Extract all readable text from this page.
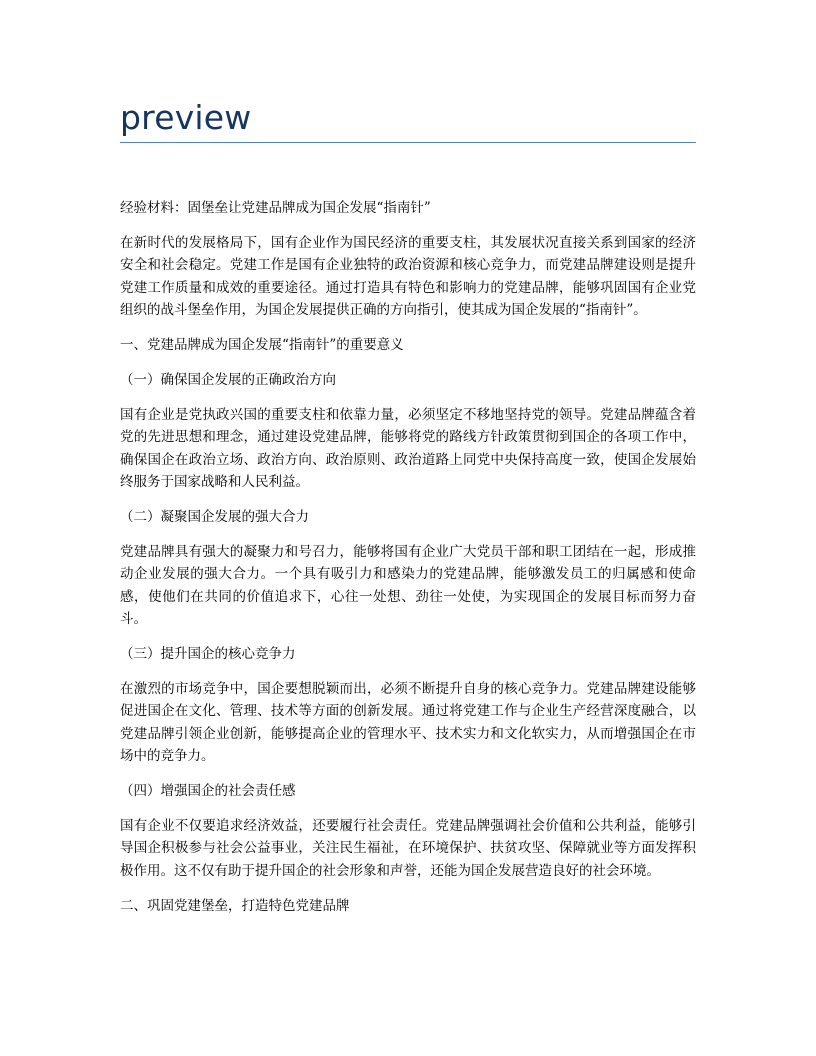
preview

经验材料：固堡垒让党建品牌成为国企发展“指南针”

在新时代的发展格局下，国有企业作为国民经济的重要支柱，其发展状况直接关系到国家的经济安全和社会稳定。党建工作是国有企业独特的政治资源和核心竞争力，而党建品牌建设则是提升党建工作质量和成效的重要途径。通过打造具有特色和影响力的党建品牌，能够巩固国有企业党组织的战斗堡垒作用，为国企发展提供正确的方向指引，使其成为国企发展的“指南针”。

一、党建品牌成为国企发展“指南针”的重要意义

（一）确保国企发展的正确政治方向

国有企业是党执政兴国的重要支柱和依靠力量，必须坚定不移地坚持党的领导。党建品牌蕴含着党的先进思想和理念，通过建设党建品牌，能够将党的路线方针政策贯彻到国企的各项工作中，确保国企在政治立场、政治方向、政治原则、政治道路上同党中央保持高度一致，使国企发展始终服务于国家战略和人民利益。

（二）凝聚国企发展的强大合力

党建品牌具有强大的凝聚力和号召力，能够将国有企业广大党员干部和职工团结在一起，形成推动企业发展的强大合力。一个具有吸引力和感染力的党建品牌，能够激发员工的归属感和使命感，使他们在共同的价值追求下，心往一处想、劲往一处使，为实现国企的发展目标而努力奋斗。

（三）提升国企的核心竞争力

在激烈的市场竞争中，国企要想脱颖而出，必须不断提升自身的核心竞争力。党建品牌建设能够促进国企在文化、管理、技术等方面的创新发展。通过将党建工作与企业生产经营深度融合，以党建品牌引领企业创新，能够提高企业的管理水平、技术实力和文化软实力，从而增强国企在市场中的竞争力。

（四）增强国企的社会责任感

国有企业不仅要追求经济效益，还要履行社会责任。党建品牌强调社会价值和公共利益，能够引导国企积极参与社会公益事业，关注民生福祉，在环境保护、扶贫攻坚、保障就业等方面发挥积极作用。这不仅有助于提升国企的社会形象和声誉，还能为国企发展营造良好的社会环境。

二、巩固党建堡垒，打造特色党建品牌
